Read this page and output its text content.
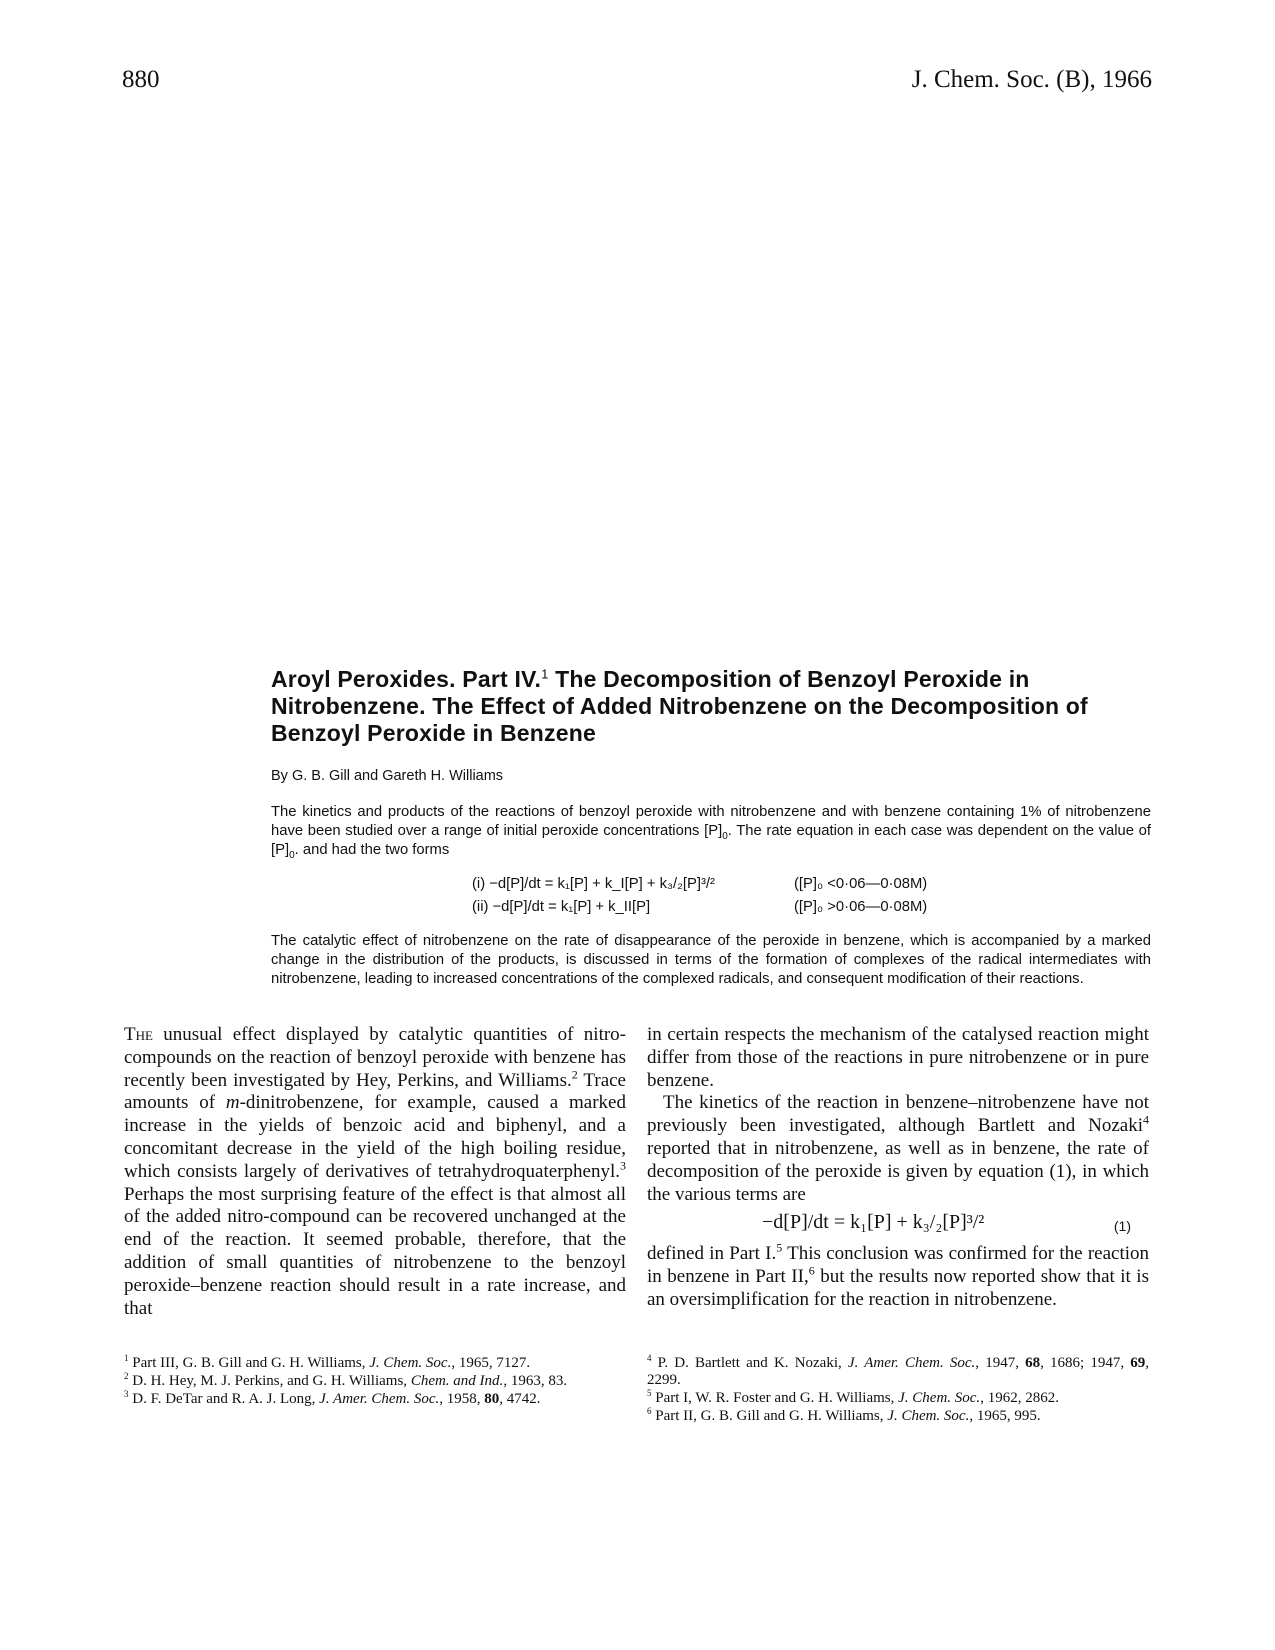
880	J. Chem. Soc. (B), 1966
Aroyl Peroxides. Part IV.$^1$ The Decomposition of Benzoyl Peroxide in Nitrobenzene. The Effect of Added Nitrobenzene on the Decomposition of Benzoyl Peroxide in Benzene
By G. B. Gill and Gareth H. Williams

The kinetics and products of the reactions of benzoyl peroxide with nitrobenzene and with benzene containing 1% of nitrobenzene have been studied over a range of initial peroxide concentrations $[P]_0$. The rate equation in each case was dependent on the value of $[P]_0$. and had the two forms

(i) −d[P]/dt = k₁[P] + k_I[P] + k₃/₂[P]³/²	([P]₀ <0·06—0·08M)
(ii) −d[P]/dt = k₁[P] + k_II[P]	([P]₀ >0·06—0·08M)

The catalytic effect of nitrobenzene on the rate of disappearance of the peroxide in benzene, which is accompanied by a marked change in the distribution of the products, is discussed in terms of the formation of complexes of the radical intermediates with nitrobenzene, leading to increased concentrations of the complexed radicals, and consequent modification of their reactions.

The unusual effect displayed by catalytic quantities of nitro-compounds on the reaction of benzoyl peroxide with benzene has recently been investigated by Hey, Perkins, and Williams.$^2$ Trace amounts of m-dinitrobenzene, for example, caused a marked increase in the yields of benzoic acid and biphenyl, and a concomitant decrease in the yield of the high boiling residue, which consists largely of derivatives of tetrahydroquaterphenyl.$^3$ Perhaps the most surprising feature of the effect is that almost all of the added nitro-compound can be recovered unchanged at the end of the reaction. It seemed probable, therefore, that the addition of small quantities of nitrobenzene to the benzoyl peroxide–benzene reaction should result in a rate increase, and that

in certain respects the mechanism of the catalysed reaction might differ from those of the reactions in pure nitrobenzene or in pure benzene.

The kinetics of the reaction in benzene–nitrobenzene have not previously been investigated, although Bartlett and Nozaki$^4$ reported that in nitrobenzene, as well as in benzene, the rate of decomposition of the peroxide is given by equation (1), in which the various terms are

−d[P]/dt = k₁[P] + k₃/₂[P]³/²	(1)

defined in Part I.$^5$ This conclusion was confirmed for the reaction in benzene in Part II,$^6$ but the results now reported show that it is an oversimplification for the reaction in nitrobenzene.

$^1$ Part III, G. B. Gill and G. H. Williams, J. Chem. Soc., 1965, 7127.

$^2$ D. H. Hey, M. J. Perkins, and G. H. Williams, Chem. and Ind., 1963, 83.

$^3$ D. F. DeTar and R. A. J. Long, J. Amer. Chem. Soc., 1958, 80, 4742.

$^4$ P. D. Bartlett and K. Nozaki, J. Amer. Chem. Soc., 1947, 68, 1686; 1947, 69, 2299.

$^5$ Part I, W. R. Foster and G. H. Williams, J. Chem. Soc., 1962, 2862.

$^6$ Part II, G. B. Gill and G. H. Williams, J. Chem. Soc., 1965, 995.
